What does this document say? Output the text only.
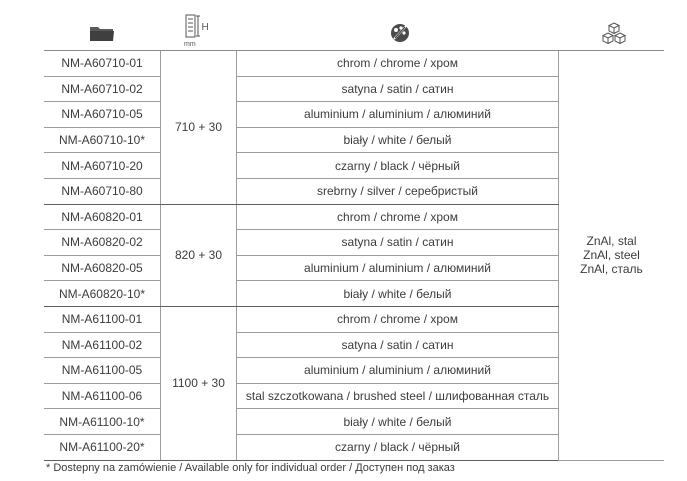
H
mm
NM-A60710-01	710 + 30	chrom / chrome / хром	ZnAl, stal
ZnAl, steel
ZnAl, сталь

NM-A60710-02		satyna / satin / сатин	
NM-A60710-05		aluminium / aluminium / алюминий	
NM-A60710-10*		biały / white / белый	
NM-A60710-20		czarny / black / чёрный	
NM-A60710-80		srebrny / silver / серебристый	
NM-A60820-01	820 + 30	chrom / chrome / хром	
NM-A60820-02		satyna / satin / сатин	
NM-A60820-05		aluminium / aluminium / алюминий	
NM-A60820-10*		biały / white / белый	
NM-A61100-01	1100 + 30	chrom / chrome / хром	
NM-A61100-02		satyna / satin / сатин	
NM-A61100-05		aluminium / aluminium / алюминий	
NM-A61100-06		stal szczotkowana / brushed steel / шлифованная сталь	
NM-A61100-10*		biały / white / белый	
NM-A61100-20*		czarny / black / чёрный	
* Dostepny na zamówienie / Available only for individual order / Доступен под заказ
